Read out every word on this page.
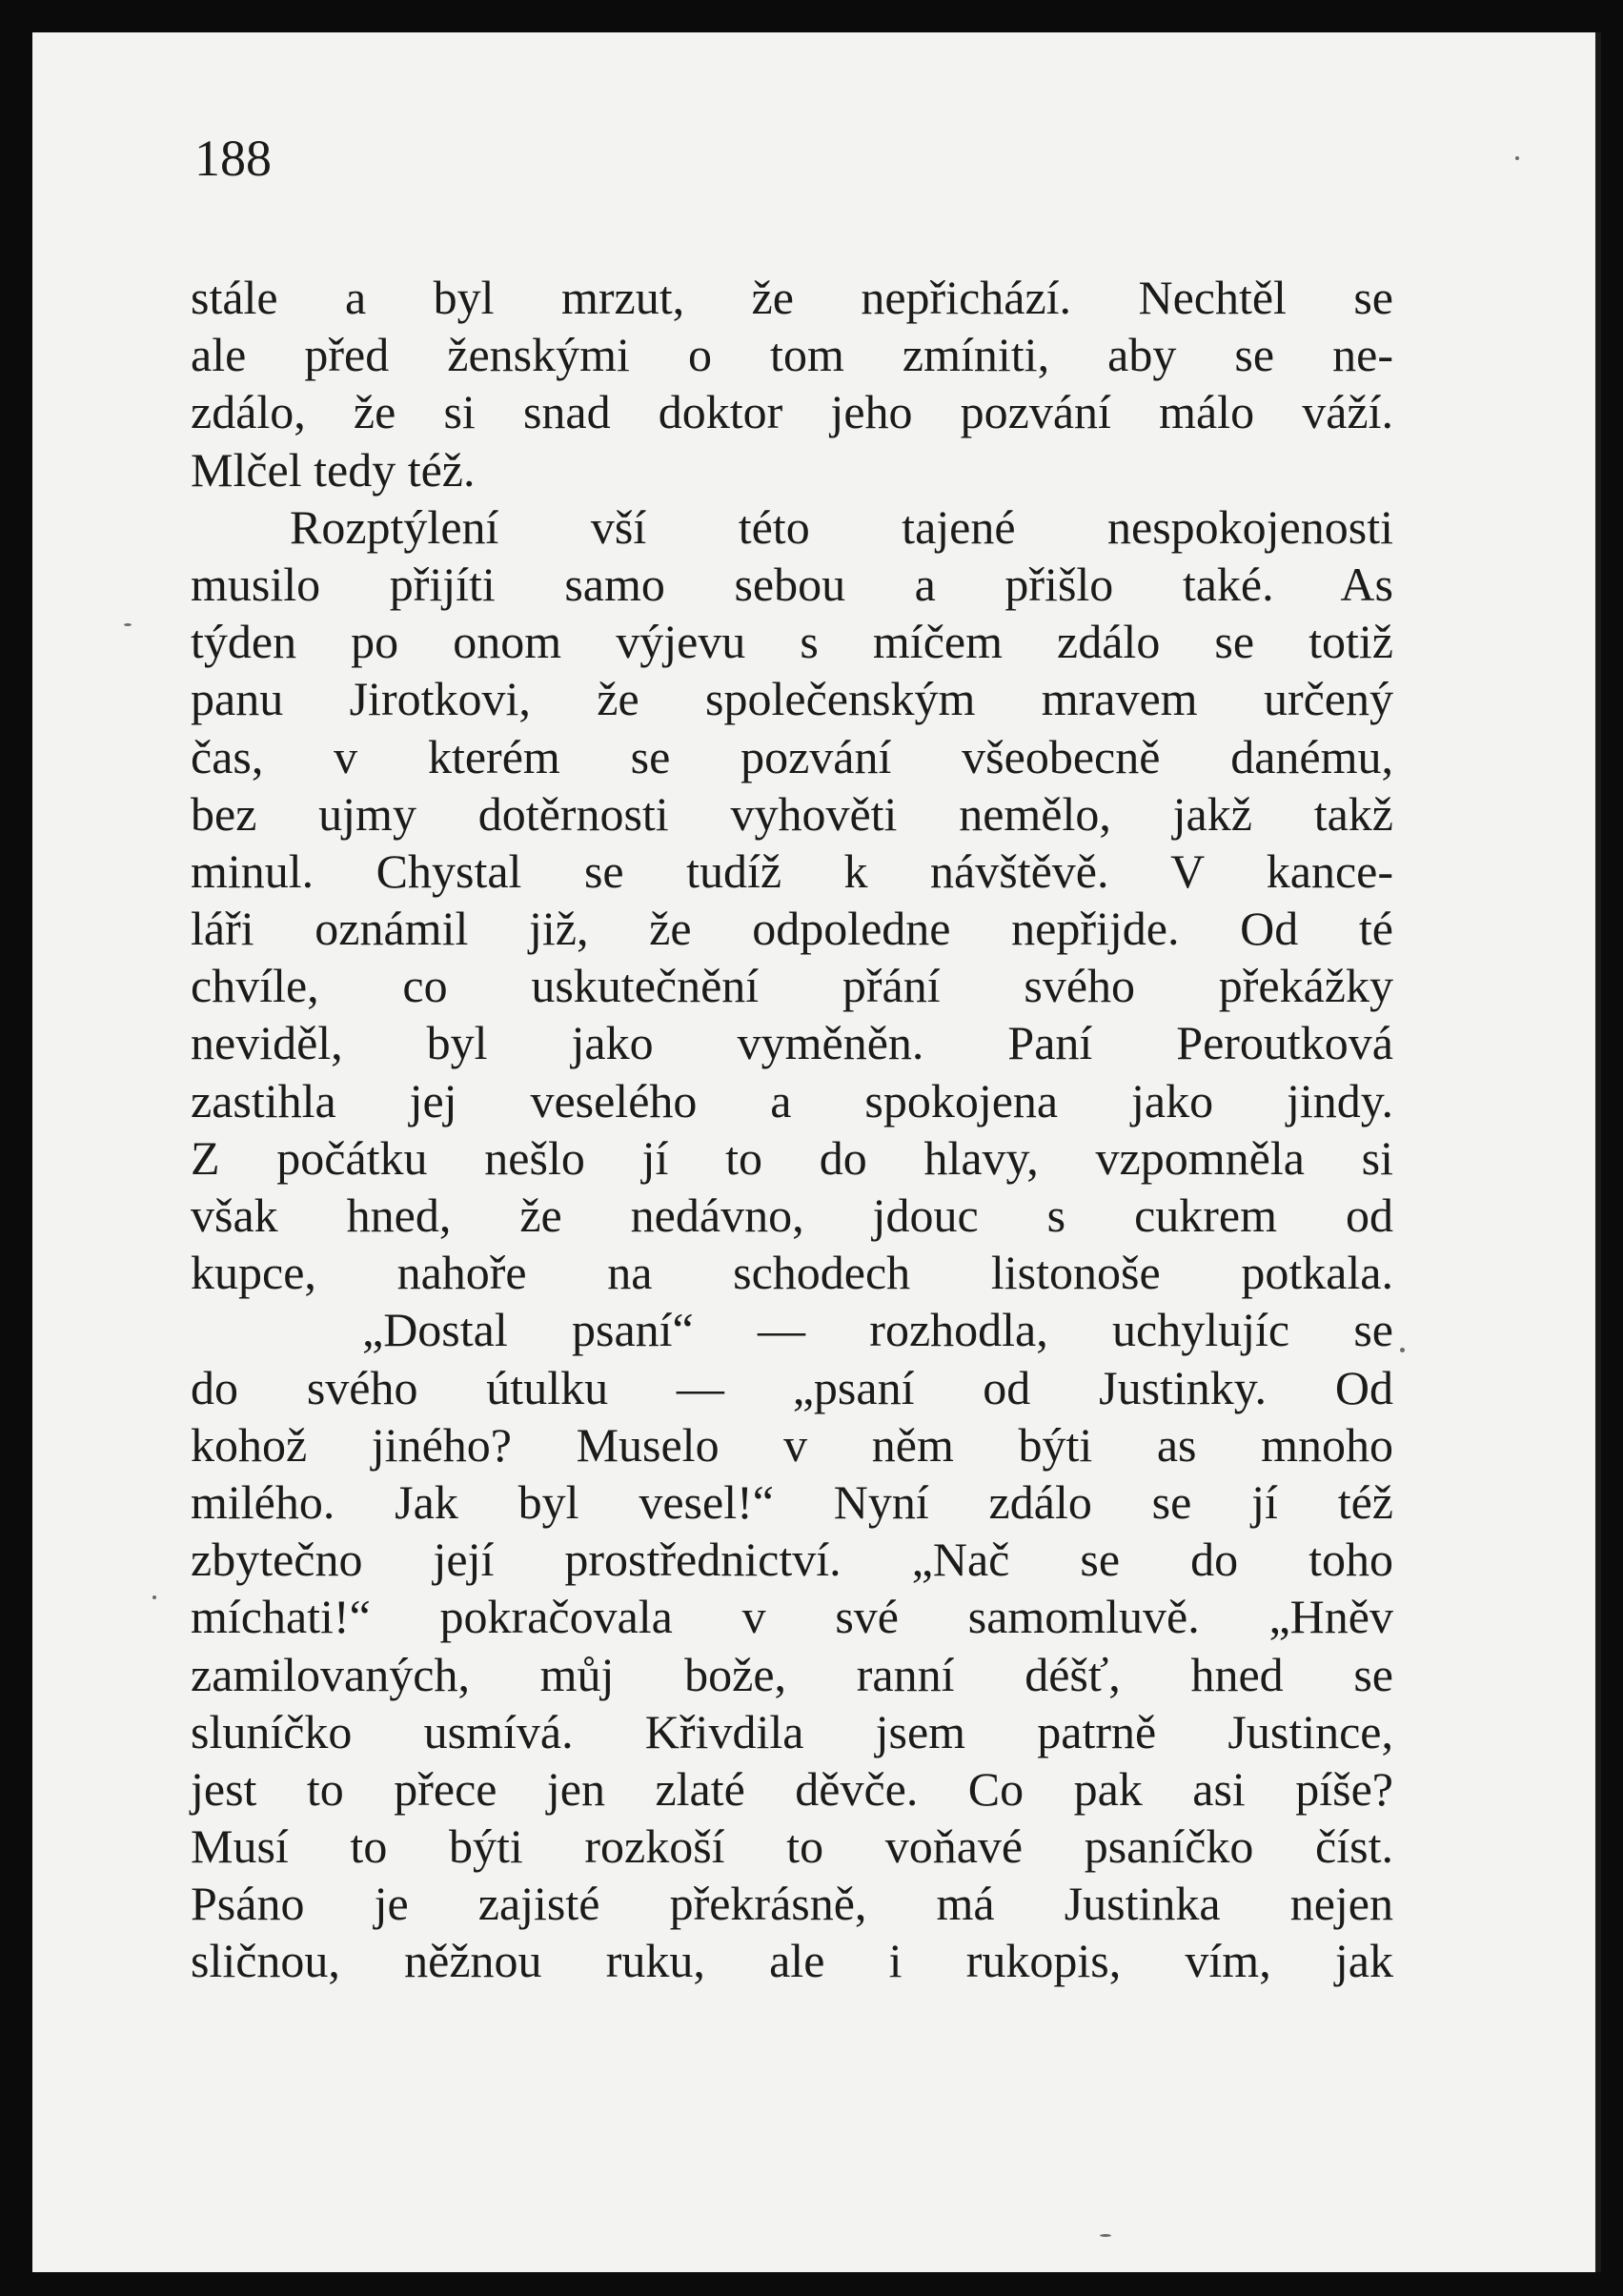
188
stále a byl mrzut, že nepřichází. Nechtěl se
ale před ženskými o tom zmíniti, aby se ne-
zdálo, že si snad doktor jeho pozvání málo váží.
Mlčel tedy též.
Rozptýlení vší této tajené nespokojenosti
musilo přijíti samo sebou a přišlo také. As
týden po onom výjevu s míčem zdálo se totiž
panu Jirotkovi, že společenským mravem určený
čas, v kterém se pozvání všeobecně danému,
bez ujmy dotěrnosti vyhověti nemělo, jakž takž
minul. Chystal se tudíž k návštěvě. V kance-
láři oznámil již, že odpoledne nepřijde. Od té
chvíle, co uskutečnění přání svého překážky
neviděl, byl jako vyměněn. Paní Peroutková
zastihla jej veselého a spokojena jako jindy.
Z počátku nešlo jí to do hlavy, vzpomněla si
však hned, že nedávno, jdouc s cukrem od
kupce, nahoře na schodech listonoše potkala.
„Dostal psaní“ — rozhodla, uchylujíc se
do svého útulku — „psaní od Justinky. Od
kohož jiného? Muselo v něm býti as mnoho
milého. Jak byl vesel!“ Nyní zdálo se jí též
zbytečno její prostřednictví. „Nač se do toho
míchati!“ pokračovala v své samomluvě. „Hněv
zamilovaných, můj bože, ranní déšť, hned se
sluníčko usmívá. Křivdila jsem patrně Justince,
jest to přece jen zlaté děvče. Co pak asi píše?
Musí to býti rozkoší to voňavé psaníčko číst.
Psáno je zajisté překrásně, má Justinka nejen
sličnou, něžnou ruku, ale i rukopis, vím, jak
